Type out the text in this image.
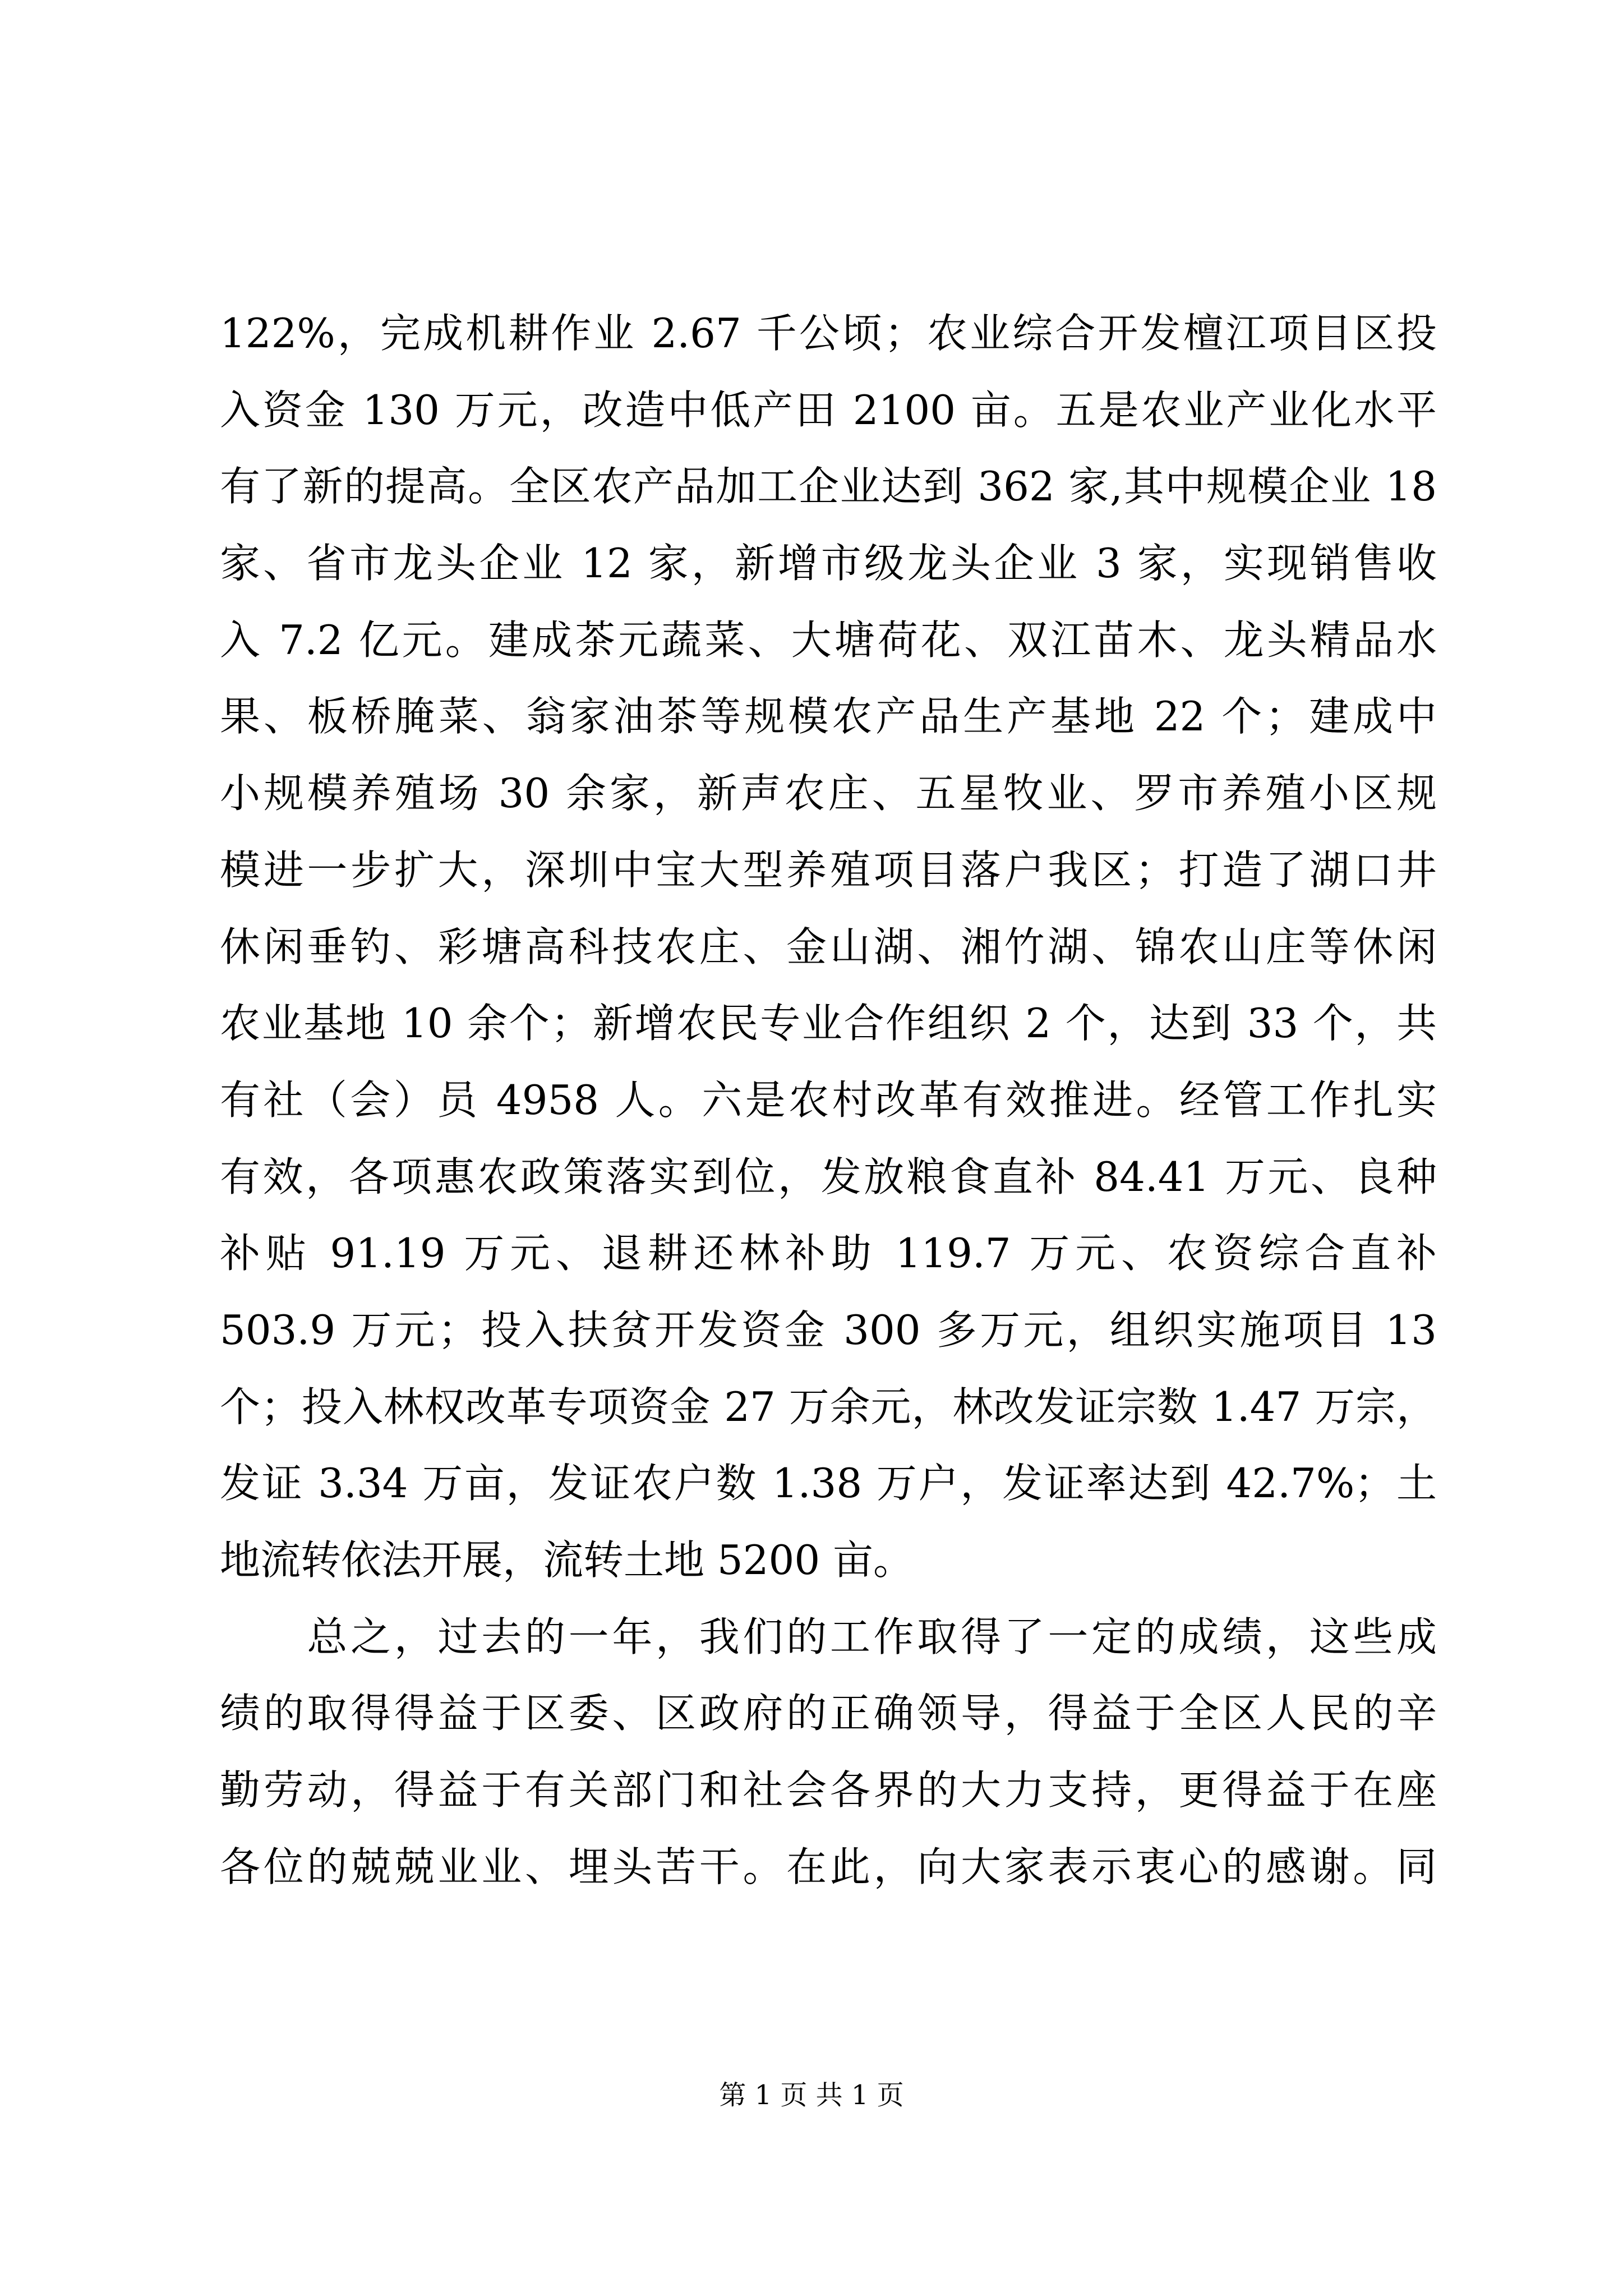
122%，完成机耕作业 2.67 千公顷；农业综合开发檀江项目区投
入资金 130 万元，改造中低产田 2100 亩。五是农业产业化水平
有了新的提高。全区农产品加工企业达到 362 家,其中规模企业 18
家、省市龙头企业 12 家，新增市级龙头企业 3 家，实现销售收
入 7.2 亿元。建成茶元蔬菜、大塘荷花、双江苗木、龙头精品水
果、板桥腌菜、翁家油茶等规模农产品生产基地 22 个；建成中
小规模养殖场 30 余家，新声农庄、五星牧业、罗市养殖小区规
模进一步扩大，深圳中宝大型养殖项目落户我区；打造了湖口井
休闲垂钓、彩塘高科技农庄、金山湖、湘竹湖、锦农山庄等休闲
农业基地 10 余个；新增农民专业合作组织 2 个，达到 33 个，共
有社（会）员 4958 人。六是农村改革有效推进。经管工作扎实
有效，各项惠农政策落实到位，发放粮食直补 84.41 万元、良种
补贴 91.19 万元、退耕还林补助 119.7 万元、农资综合直补
503.9 万元；投入扶贫开发资金 300 多万元，组织实施项目 13
个；投入林权改革专项资金 27 万余元，林改发证宗数 1.47 万宗，
发证 3.34 万亩，发证农户数 1.38 万户，发证率达到 42.7%；土
地流转依法开展，流转土地 5200 亩。
　　总之，过去的一年，我们的工作取得了一定的成绩，这些成
绩的取得得益于区委、区政府的正确领导，得益于全区人民的辛
勤劳动，得益于有关部门和社会各界的大力支持，更得益于在座
各位的兢兢业业、埋头苦干。在此，向大家表示衷心的感谢。同
第 1 页 共 1 页
